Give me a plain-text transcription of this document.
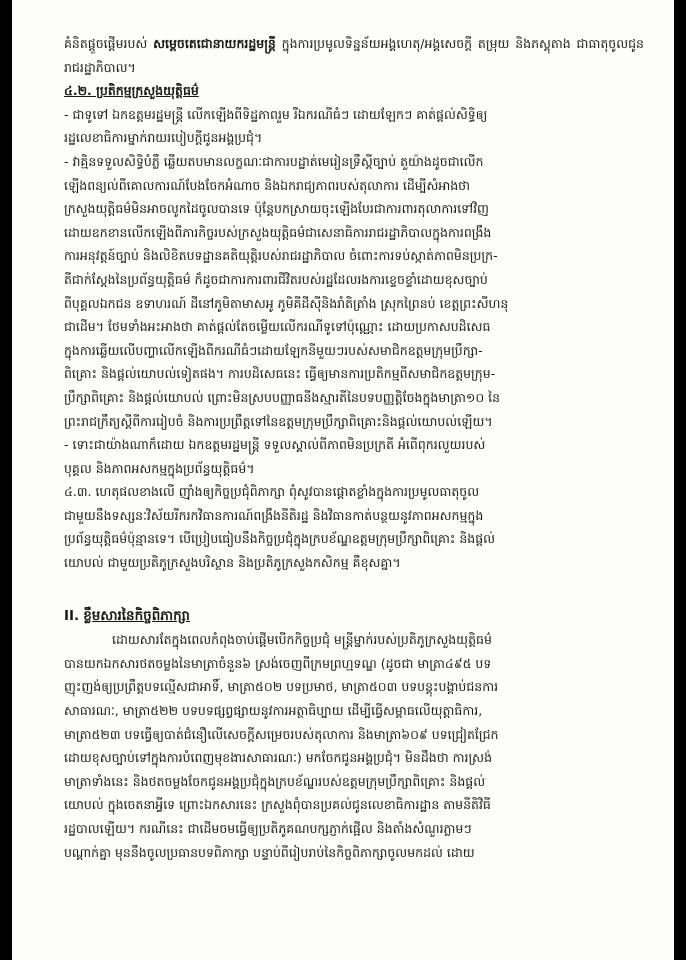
គំនិតផ្តួចផ្តើមរបស់ សម្តេចតេជោនាយករដ្ឋមន្ត្រី ក្នុងការប្រមូលទិន្នន័យអង្គហេតុ/អង្គសេចក្តី តម្រុយ និងភស្តុតាង ជាធាតុចូលជូនរាជរដ្ឋាភិបាល។

៤.២. ប្រតិកម្មក្រសួងយុត្តិធម៌

- ជាទូទៅ ឯកឧត្តមរដ្ឋមន្ត្រី លើកឡើងពីទិដ្ឋភាពរួម រឺឯករណីធំៗ ដោយឡែកៗ គាត់ផ្តល់សិទ្ធិឲ្យ
រដ្ឋលេខាធិការម្នាក់រាយរបៀបក្តីជូនអង្គប្រជុំ។

- វាគ្មិនទទួលសិទ្ធិបំភ្លឺ ឆ្លើយតបមានលក្ខណៈជាការបដ្ឋាត់មេរៀនទ្រឹស្តីច្បាប់ តួយ៉ាងដូចជាលើក
ឡើងពន្យល់ពីគោលការណ៍បែងចែកអំណាច និងឯករាជ្យភាពរបស់តុលាការ ដើម្បីសំអាងថា
ក្រសួងយុត្តិធម៌មិនអាចលូកដៃចូលបានទេ ប៉ុន្តែបកស្រាយចុះឡើងបែរជាការពារតុលាការទៅវិញ
ដោយឧកខានលើកឡើងពីភារកិច្ចរបស់ក្រសួងយុត្តិធម៌ជាសេនាធិការរាជរដ្ឋាភិបាលក្នុងការពង្រឹង
ការអនុវត្តន៍ច្បាប់ និងលិខិតបទដ្ឋានគតិយុត្តិរបស់រាជរដ្ឋាភិបាល ចំពោះការទប់ស្កាត់ភាពមិនប្រក្រ-
តីជាក់ស្តែងនៃប្រព័ន្ធយុត្តិធម៌ ក៏ដូចជាការការពារជីវិតរបស់រដ្ឋដែលរងការខ្ទេចខ្ទាំដោយខុសច្បាប់
ពីបុគ្គលឯកជន ឧទាហរណ៍ ដីនៅភូមិតាមាសអូ ភូមិគីដីស៊ីនិងរាំតិត្រាំង ស្រុកព្រៃនប់ ខេត្តព្រះសីហនុ
ជាដើម។ ថែមទាំងអះអាងថា គាត់ផ្តល់តែចម្លើយលើករណីទូទៅប៉ុណ្ណោះ ដោយប្រកាសបដិសេធ
ក្នុងការឆ្លើយលើបញ្ហាលើកឡើងពីករណីធំៗដោយឡែកនីមួយៗរបស់សមាជិកឧត្តមក្រុមប្រឹក្សា-
ពិគ្រោះ និងផ្តល់យោបល់ទៀតផង។ ការបដិសេធនេះ ធ្វើឲ្យមានការប្រតិកម្មពីសមាជិកឧត្តមក្រុម-
ប្រឹក្សាពិគ្រោះ និងផ្តល់យោបល់ ព្រោះមិនស្របបញ្ញាធនីងស្មារតីនៃបទបញ្ញត្តិចែងក្នុងមាត្រា១០ នៃ
ព្រះរាជក្រឹត្យស្តីពីការរៀបចំ និងការប្រព្រឹត្តទៅនៃឧត្តមក្រុមប្រឹក្សាពិគ្រោះនិងផ្តល់យោបល់ឡើយ។

- ទោះជាយ៉ាងណាក៏ដោយ ឯកឧត្តមរដ្ឋមន្ត្រី ទទួលស្គាល់ពីភាពមិនប្រក្រតី អំពើពុករលួយរបស់
បុគ្គល និងភាពអសកម្មក្នុងប្រព័ន្ធយុត្តិធម៌។

៤.៣. ហេតុផលខាងលើ ញ៉ាំងឲ្យកិច្ចប្រជុំពិភាក្សា ពុំសូវបានផ្តោតខ្លាំងក្នុងការប្រមូលធាតុចូល
ជាមួយនឹងទស្សនៈវិស័យរីករកវិធានការណ៍ពង្រឹងនីតិរដ្ឋ និងវិធានកាត់បន្ថយនូវភាពអសកម្មក្នុង
ប្រព័ន្ធយុត្តិធម៌ប៉ុន្មានទេ។ បើប្រៀបធៀបនឹងកិច្ចប្រជុំក្នុងក្របខ័ណ្ឌឧត្តមក្រុមប្រឹក្សាពិគ្រោះ និងផ្តល់
យោបល់ ជាមួយប្រតិភូក្រសួងបរិស្ថាន និងប្រតិភូក្រសួងកសិកម្ម គឺខុសគ្នា។

II. ខ្លឹមសារនៃកិច្ចពិភាក្សា

ដោយសារតែក្នុងពេលកំពុងចាប់ផ្តើមបើកកិច្ចប្រជុំ មន្ត្រីម្នាក់របស់ប្រតិភូក្រសួងយុត្តិធម៌
បានយកឯកសារថតចម្លងនៃមាត្រាចំនួន៦ ស្រង់ចេញពីក្រមព្រហ្មទណ្ឌ (ដូចជា មាត្រា៤៩៥ បទ
ញុះញង់ឲ្យប្រព្រឹត្តបទល្មើសជាអាទិ៍, មាត្រា៥០២ បទប្រមាថ, មាត្រា៥០៣ បទបន្តុះបង្គាប់ជនការ
សាធារណៈ, មាត្រា៥២២ បទបទផ្សព្វផ្សាយនូវការអត្ថាធិប្បាយ ដើម្បីធ្វើសម្ពាធលើយុត្តាធិការ,
មាត្រា៥២៣ បទធ្វើឲ្យបាត់ជំនឿលើសេចក្តីសម្រេចរបស់តុលាការ និងមាត្រា៦០៩ បទជ្រៀតជ្រែក
ដោយខុសច្បាប់ទៅក្នុងការបំពេញមុខងារសាធារណៈ) មកចែកជូនអង្គប្រជុំ។ មិនដឹងថា ការស្រង់
មាត្រាទាំងនេះ និងថតចម្លងចែកជូនអង្គប្រជុំក្នុងក្របខ័ណ្ឌរបស់ឧត្តមក្រុមប្រឹក្សាពិគ្រោះ និងផ្តល់
យោបល់ ក្នុងចេតនាអ្វីទេ ព្រោះឯកសារនេះ ក្រសួងពុំបានប្រគល់ជូនលេខាធិការដ្ឋាន តាមនីតិវិធី
រដ្ឋបាលឡើយ។ ករណីនេះ ជាដើមចមធ្វើឲ្យប្រតិភូគណបក្សភ្ញាក់ផ្អើល និងតាំងសំណួរភ្លាមៗ
បណ្តាក់គ្នា មុននឹងចូលប្រធានបទពិភាក្សា បន្ទាប់ពីរៀបរាប់នៃកិច្ចពិភាក្សាចូលមកដល់ ដោយ
